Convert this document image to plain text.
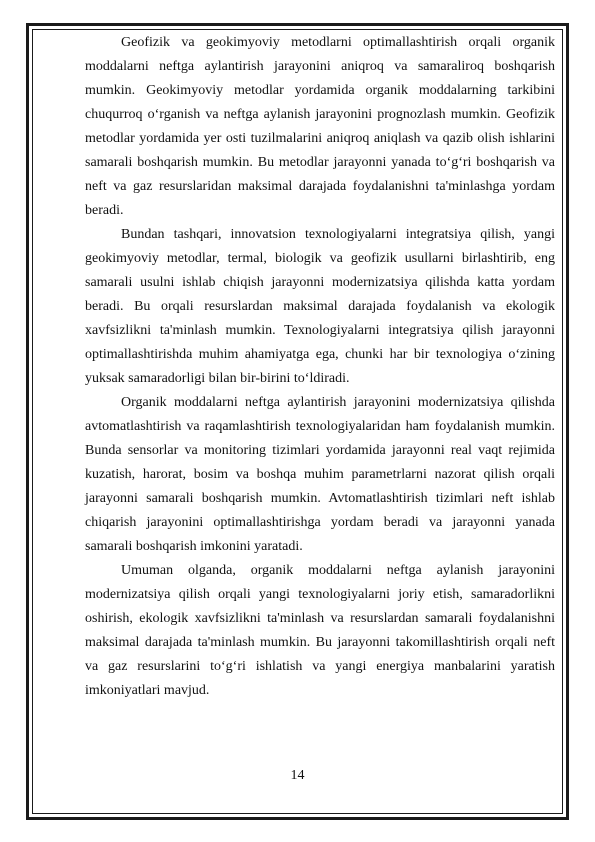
Geofizik va geokimyoviy metodlarni optimallashtirish orqali organik moddalarni neftga aylantirish jarayonini aniqroq va samaraliroq boshqarish mumkin. Geokimyoviy metodlar yordamida organik moddalarning tarkibini chuqurroq o‘rganish va neftga aylanish jarayonini prognozlash mumkin. Geofizik metodlar yordamida yer osti tuzilmalarini aniqroq aniqlash va qazib olish ishlarini samarali boshqarish mumkin. Bu metodlar jarayonni yanada to‘g‘ri boshqarish va neft va gaz resurslaridan maksimal darajada foydalanishni ta'minlashga yordam beradi.

Bundan tashqari, innovatsion texnologiyalarni integratsiya qilish, yangi geokimyoviy metodlar, termal, biologik va geofizik usullarni birlashtirib, eng samarali usulni ishlab chiqish jarayonni modernizatsiya qilishda katta yordam beradi. Bu orqali resurslardan maksimal darajada foydalanish va ekologik xavfsizlikni ta'minlash mumkin. Texnologiyalarni integratsiya qilish jarayonni optimallashtirishda muhim ahamiyatga ega, chunki har bir texnologiya o‘zining yuksak samaradorligi bilan bir-birini to‘ldiradi.

Organik moddalarni neftga aylantirish jarayonini modernizatsiya qilishda avtomatlashtirish va raqamlashtirish texnologiyalaridan ham foydalanish mumkin. Bunda sensorlar va monitoring tizimlari yordamida jarayonni real vaqt rejimida kuzatish, harorat, bosim va boshqa muhim parametrlarni nazorat qilish orqali jarayonni samarali boshqarish mumkin. Avtomatlashtirish tizimlari neft ishlab chiqarish jarayonini optimallashtirishga yordam beradi va jarayonni yanada samarali boshqarish imkonini yaratadi.

Umuman olganda, organik moddalarni neftga aylanish jarayonini modernizatsiya qilish orqali yangi texnologiyalarni joriy etish, samaradorlikni oshirish, ekologik xavfsizlikni ta'minlash va resurslardan samarali foydalanishni maksimal darajada ta'minlash mumkin. Bu jarayonni takomillashtirish orqali neft va gaz resurslarini to‘g‘ri ishlatish va yangi energiya manbalarini yaratish imkoniyatlari mavjud.

14
